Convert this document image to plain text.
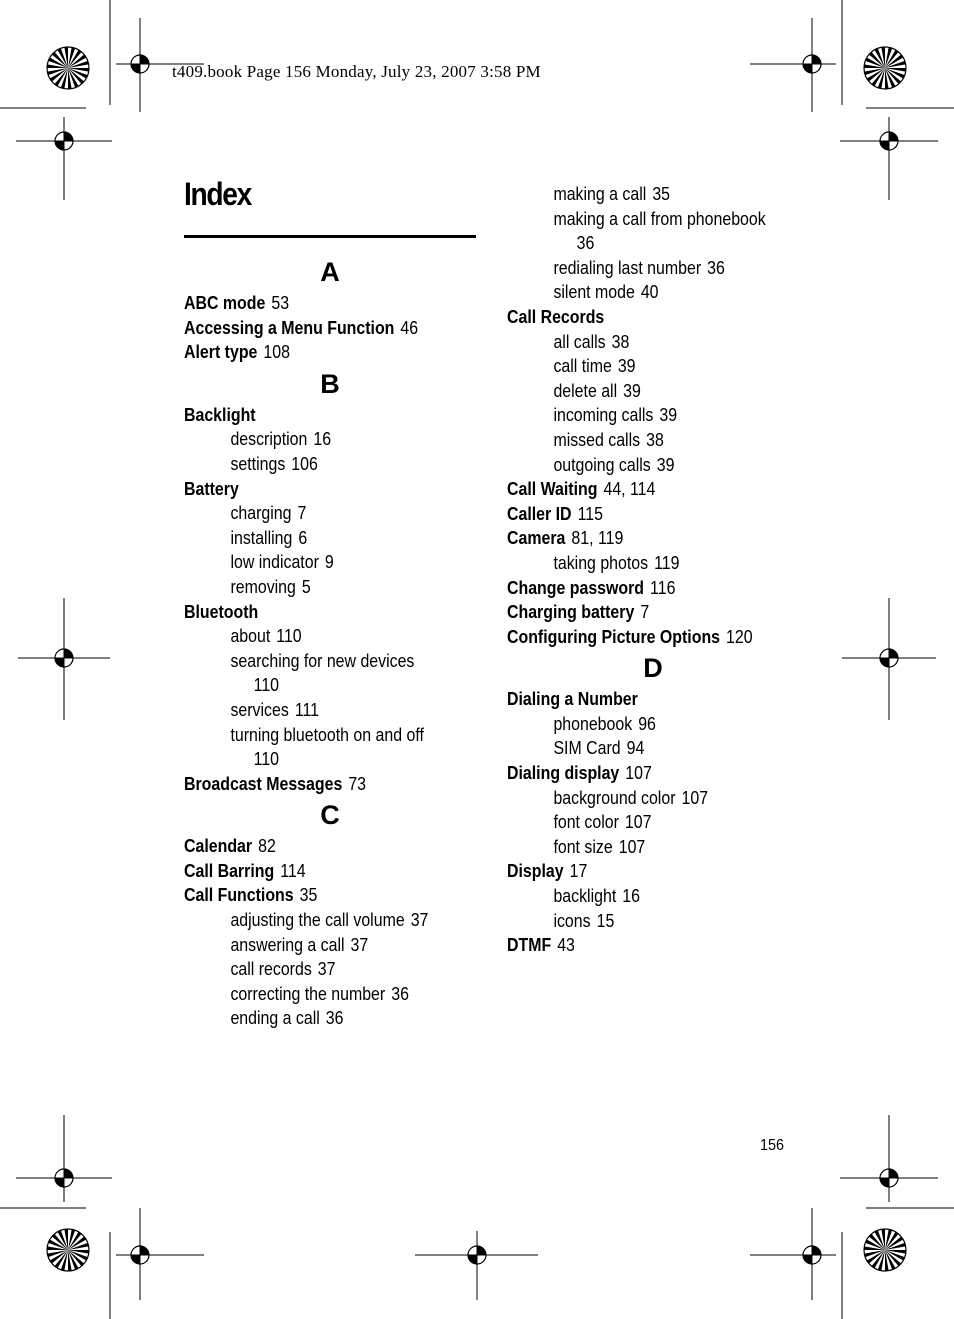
t409.book Page 156 Monday, July 23, 2007 3:58 PM
Index
A
ABC mode 53
Accessing a Menu Function 46
Alert type 108
B
Backlight
description 16
settings 106
Battery
charging 7
installing 6
low indicator 9
removing 5
Bluetooth
about 110
searching for new devices
110
services 111
turning bluetooth on and off
110
Broadcast Messages 73
C
Calendar 82
Call Barring 114
Call Functions 35
adjusting the call volume 37
answering a call 37
call records 37
correcting the number 36
ending a call 36
making a call 35
making a call from phonebook
36
redialing last number 36
silent mode 40
Call Records
all calls 38
call time 39
delete all 39
incoming calls 39
missed calls 38
outgoing calls 39
Call Waiting 44, 114
Caller ID 115
Camera 81, 119
taking photos 119
Change password 116
Charging battery 7
Configuring Picture Options 120
D
Dialing a Number
phonebook 96
SIM Card 94
Dialing display 107
background color 107
font color 107
font size 107
Display 17
backlight 16
icons 15
DTMF 43
156
